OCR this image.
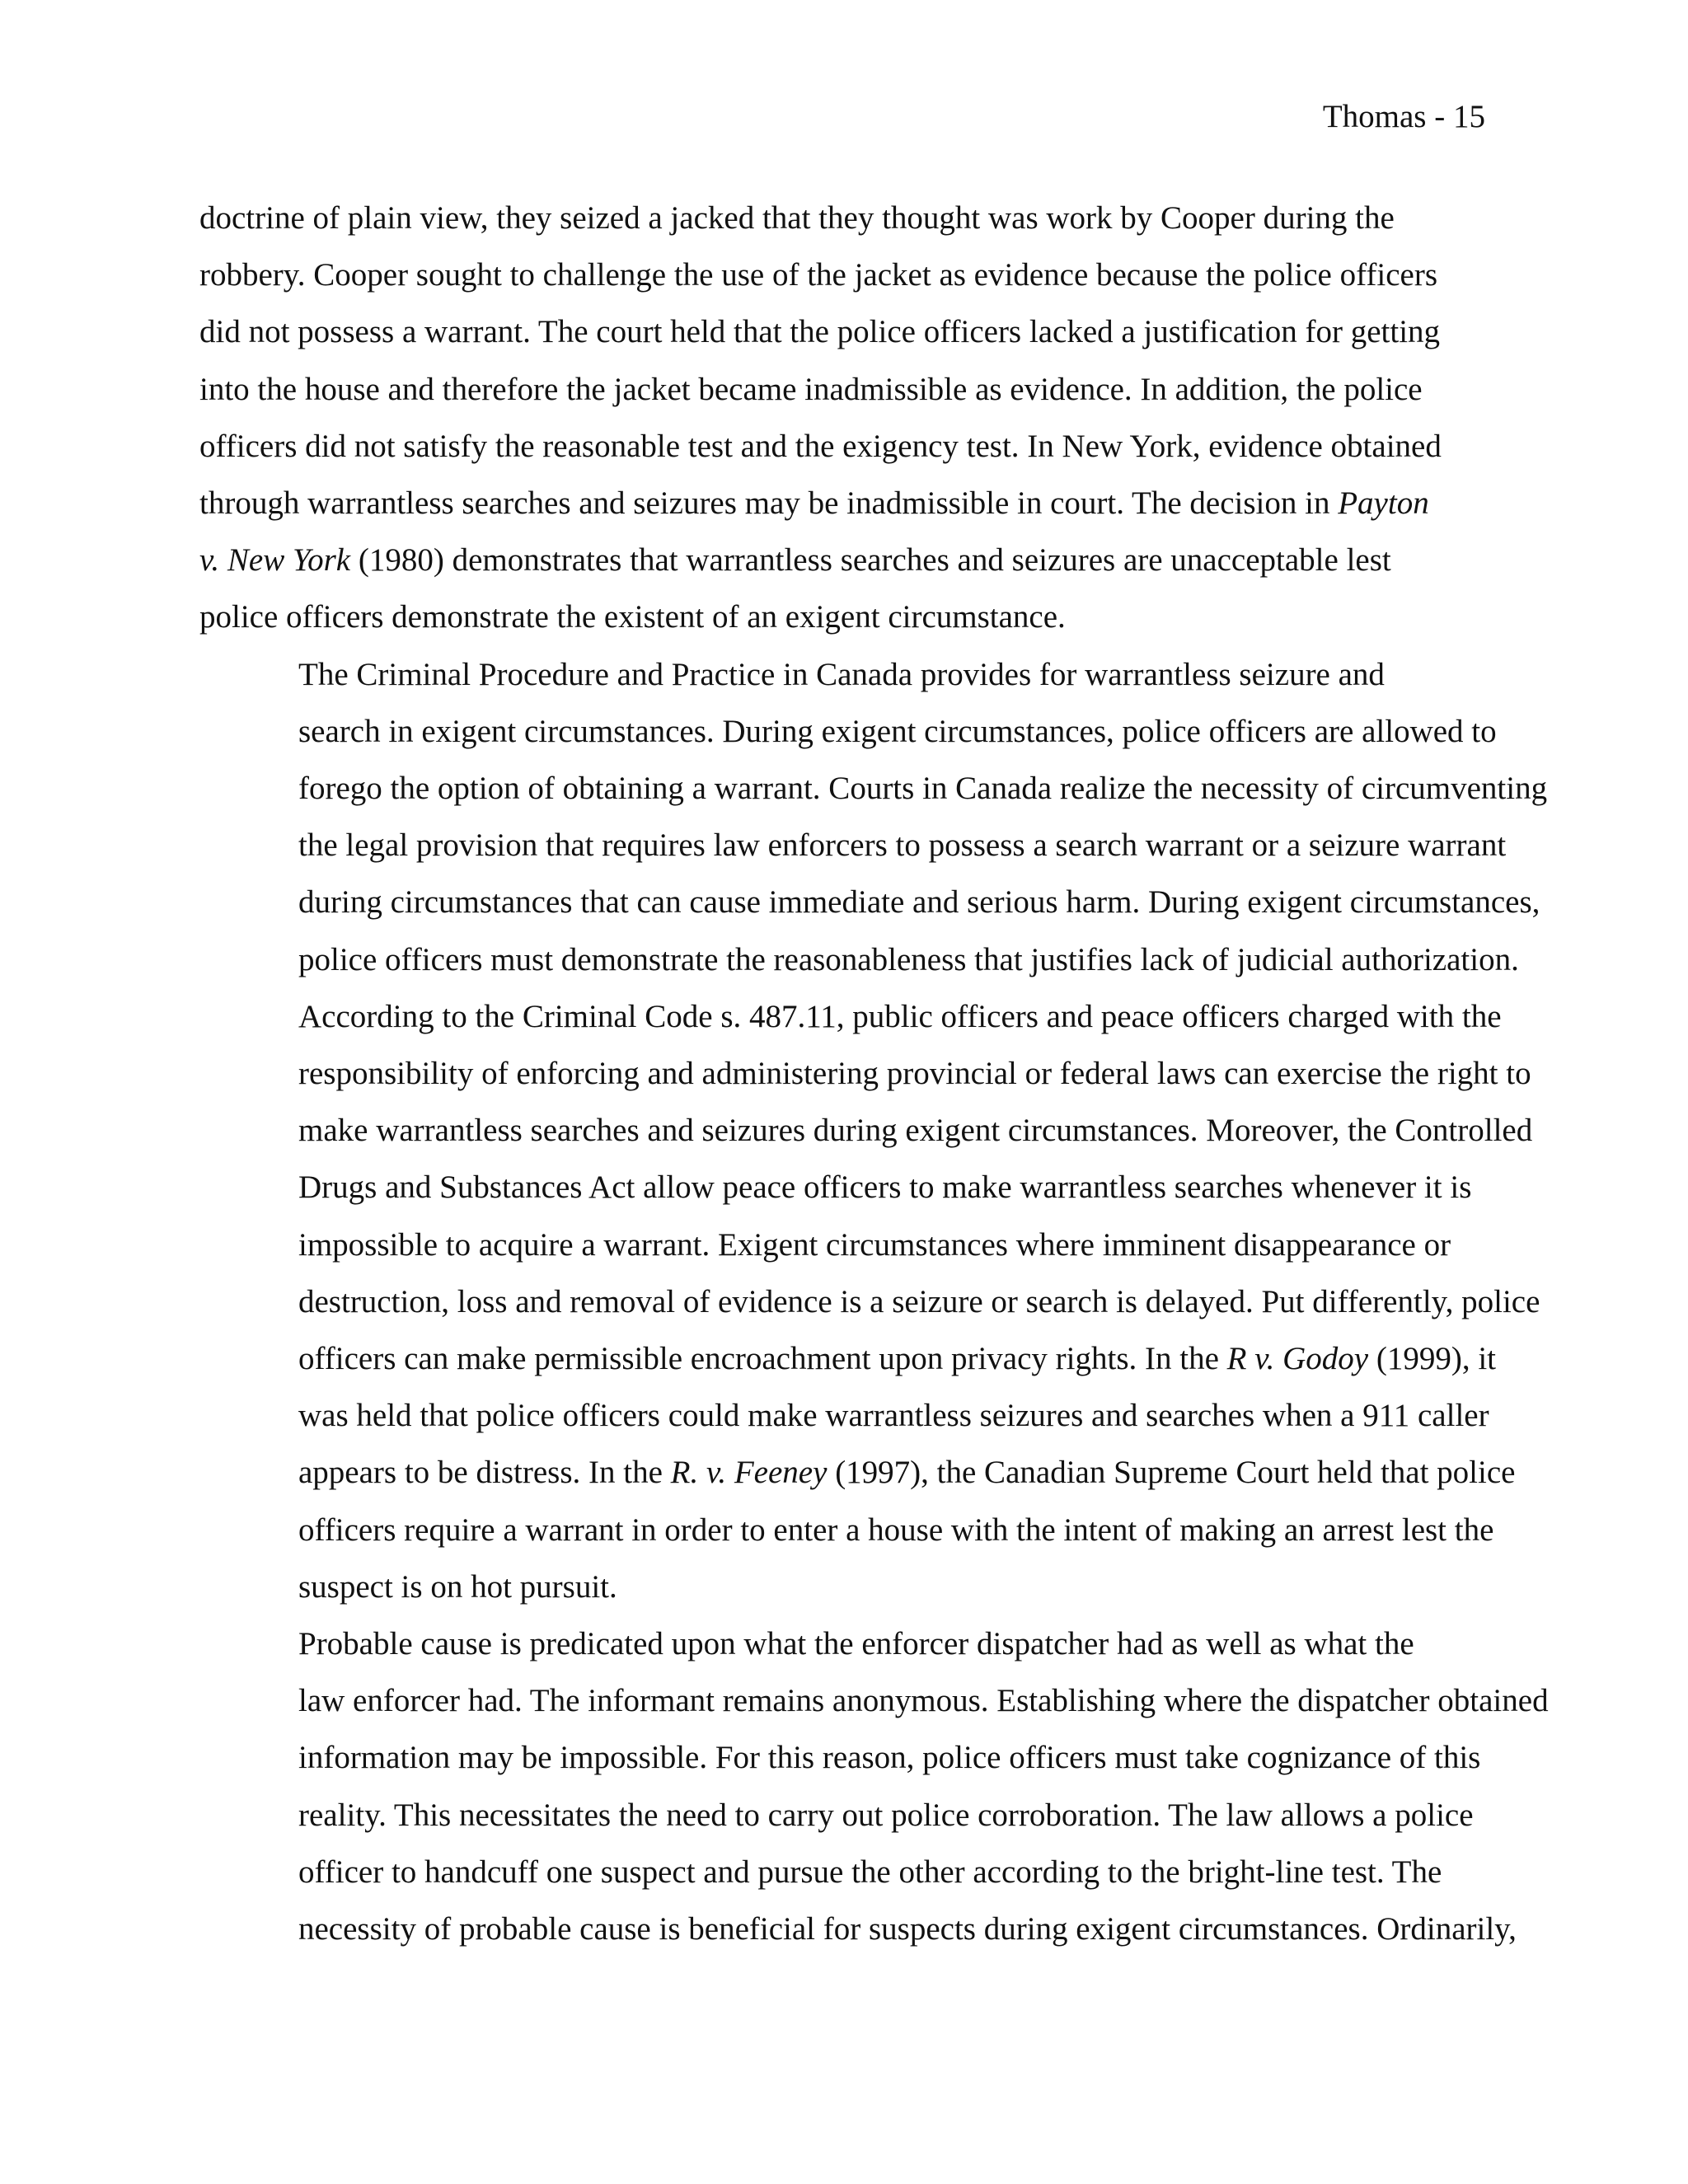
Thomas - 15

doctrine of plain view, they seized a jacked that they thought was work by Cooper during the
robbery. Cooper sought to challenge the use of the jacket as evidence because the police officers
did not possess a warrant. The court held that the police officers lacked a justification for getting
into the house and therefore the jacket became inadmissible as evidence. In addition, the police
officers did not satisfy the reasonable test and the exigency test. In New York, evidence obtained
through warrantless searches and seizures may be inadmissible in court. The decision in Payton
v. New York (1980) demonstrates that warrantless searches and seizures are unacceptable lest
police officers demonstrate the existent of an exigent circumstance.

The Criminal Procedure and Practice in Canada provides for warrantless seizure and
search in exigent circumstances. During exigent circumstances, police officers are allowed to
forego the option of obtaining a warrant. Courts in Canada realize the necessity of circumventing
the legal provision that requires law enforcers to possess a search warrant or a seizure warrant
during circumstances that can cause immediate and serious harm. During exigent circumstances,
police officers must demonstrate the reasonableness that justifies lack of judicial authorization.
According to the Criminal Code s. 487.11, public officers and peace officers charged with the
responsibility of enforcing and administering provincial or federal laws can exercise the right to
make warrantless searches and seizures during exigent circumstances. Moreover, the Controlled
Drugs and Substances Act allow peace officers to make warrantless searches whenever it is
impossible to acquire a warrant. Exigent circumstances where imminent disappearance or
destruction, loss and removal of evidence is a seizure or search is delayed. Put differently, police
officers can make permissible encroachment upon privacy rights. In the R v. Godoy (1999), it
was held that police officers could make warrantless seizures and searches when a 911 caller
appears to be distress. In the R. v. Feeney (1997), the Canadian Supreme Court held that police
officers require a warrant in order to enter a house with the intent of making an arrest lest the
suspect is on hot pursuit.

Probable cause is predicated upon what the enforcer dispatcher had as well as what the
law enforcer had. The informant remains anonymous. Establishing where the dispatcher obtained
information may be impossible. For this reason, police officers must take cognizance of this
reality. This necessitates the need to carry out police corroboration. The law allows a police
officer to handcuff one suspect and pursue the other according to the bright-line test. The
necessity of probable cause is beneficial for suspects during exigent circumstances. Ordinarily,
